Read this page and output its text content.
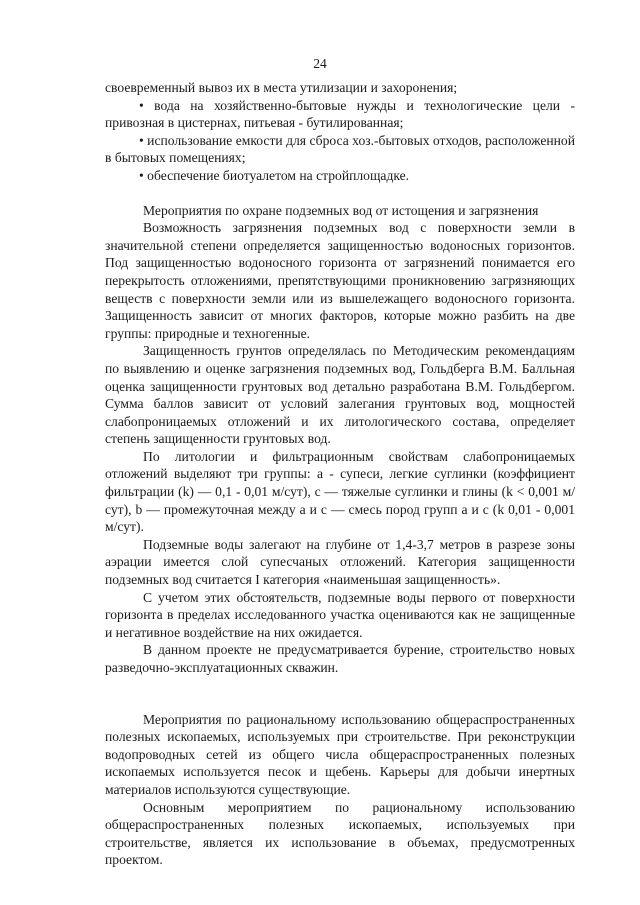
24

своевременный вывоз их в места утилизации и захоронения;

• вода на хозяйственно-бытовые нужды и технологические цели - привозная в цистернах, питьевая - бутилированная;

• использование емкости для сброса хоз.-бытовых отходов, расположенной в бытовых помещениях;

• обеспечение биотуалетом на стройплощадке.

Мероприятия по охране подземных вод от истощения и загрязнения

Возможность загрязнения подземных вод с поверхности земли в значительной степени определяется защищенностью водоносных горизонтов. Под защищенностью водоносного горизонта от загрязнений понимается его перекрытость отложениями, препятствующими проникновению загрязняющих веществ с поверхности земли или из вышележащего водоносного горизонта. Защищенность зависит от многих факторов, которые можно разбить на две группы: природные и техногенные.

Защищенность грунтов определялась по Методическим рекомендациям по выявлению и оценке загрязнения подземных вод, Гольдберга В.М. Балльная оценка защищенности грунтовых вод детально разработана В.М. Гольдбергом. Сумма баллов зависит от условий залегания грунтовых вод, мощностей слабопроницаемых отложений и их литологического состава, определяет степень защищенности грунтовых вод.

По литологии и фильтрационным свойствам слабопроницаемых отложений выделяют три группы: а - супеси, легкие суглинки (коэффициент фильтрации (k) — 0,1 - 0,01 м/сут), с — тяжелые суглинки и глины (k < 0,001 м/сут), b — промежуточная между а и с — смесь пород групп а и с (k 0,01 - 0,001 м/сут).

Подземные воды залегают на глубине от 1,4-3,7 метров в разрезе зоны аэрации имеется слой супесчаных отложений. Категория защищенности подземных вод считается I категория «наименьшая защищенность».

С учетом этих обстоятельств, подземные воды первого от поверхности горизонта в пределах исследованного участка оцениваются как не защищенные и негативное воздействие на них ожидается.

В данном проекте не предусматривается бурение, строительство новых разведочно-эксплуатационных скважин.

Мероприятия по рациональному использованию общераспространенных полезных ископаемых, используемых при строительстве. При реконструкции водопроводных сетей из общего числа общераспространенных полезных ископаемых используется песок и щебень. Карьеры для добычи инертных материалов используются существующие.

Основным мероприятием по рациональному использованию общераспространенных полезных ископаемых, используемых при строительстве, является их использование в объемах, предусмотренных проектом.
